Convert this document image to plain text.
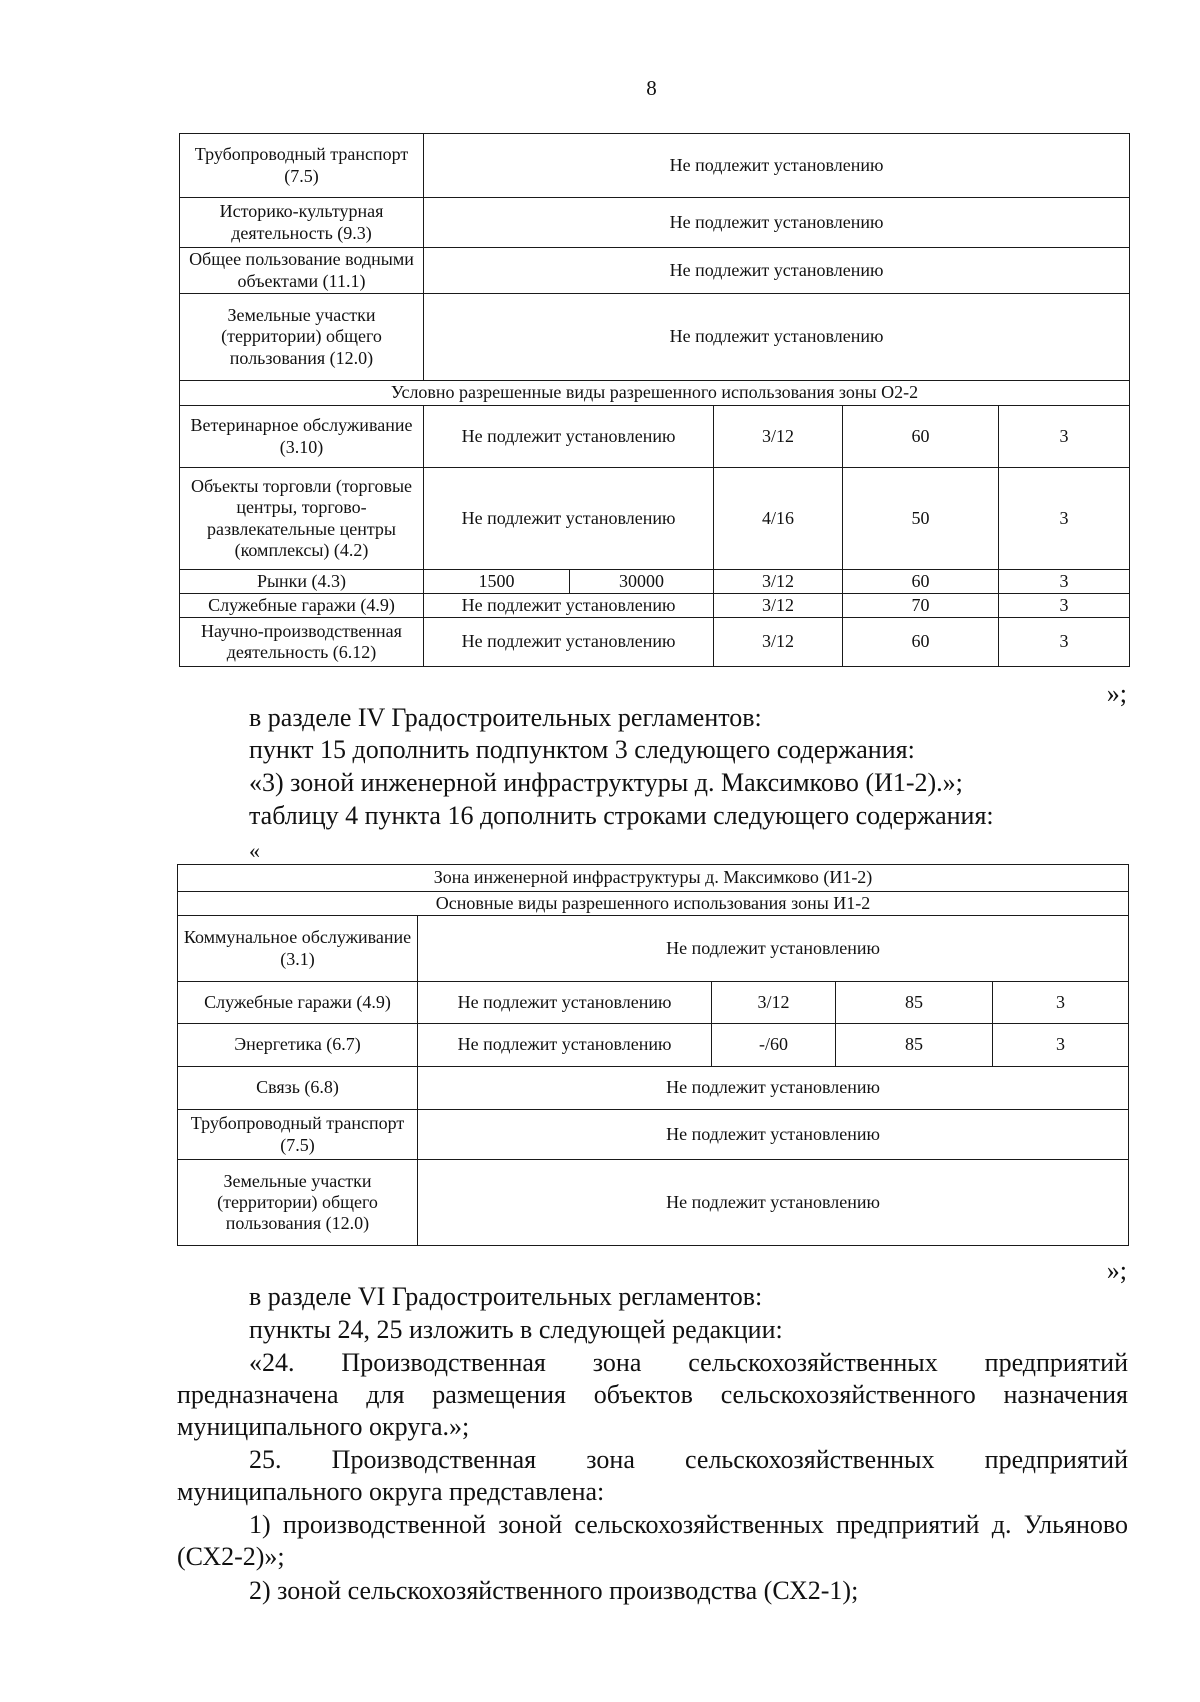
8
Трубопроводный транспорт (7.5)	Не подлежит установлению				
Историко-культурная деятельность (9.3)	Не подлежит установлению				
Общее пользование водными объектами (11.1)	Не подлежит установлению				
Земельные участки (территории) общего пользования (12.0)	Не подлежит установлению				
Условно разрешенные виды разрешенного использования зоны О2-2					
Ветеринарное обслуживание (3.10)	Не подлежит установлению		3/12	60	3
Объекты торговли (торговые центры, торгово-развлекательные центры (комплексы) (4.2)	Не подлежит установлению		4/16	50	3
Рынки (4.3)	1500	30000	3/12	60	3
Служебные гаражи (4.9)	Не подлежит установлению		3/12	70	3
Научно-производственная деятельность (6.12)	Не подлежит установлению		3/12	60	3
»;
в разделе IV Градостроительных регламентов:
пункт 15 дополнить подпунктом 3 следующего содержания:
«3) зоной инженерной инфраструктуры д. Максимково (И1-2).»;
таблицу 4 пункта 16 дополнить строками следующего содержания:
«
Зона инженерной инфраструктуры д. Максимково (И1-2)				
Основные виды разрешенного использования зоны И1-2				
Коммунальное обслуживание (3.1)	Не подлежит установлению			
Служебные гаражи (4.9)	Не подлежит установлению	3/12	85	3
Энергетика (6.7)	Не подлежит установлению	-/60	85	3
Связь (6.8)	Не подлежит установлению			
Трубопроводный транспорт (7.5)	Не подлежит установлению			
Земельные участки (территории) общего пользования (12.0)	Не подлежит установлению			
»;
в разделе VI Градостроительных регламентов:
пункты 24, 25 изложить в следующей редакции:
«24. Производственная зона сельскохозяйственных предприятий предназначена для размещения объектов сельскохозяйственного назначения муниципального округа.»;
25. Производственная зона сельскохозяйственных предприятий муниципального округа представлена:
1) производственной зоной сельскохозяйственных предприятий д. Ульяново (СХ2-2)»;
2) зоной сельскохозяйственного производства (СХ2-1);
